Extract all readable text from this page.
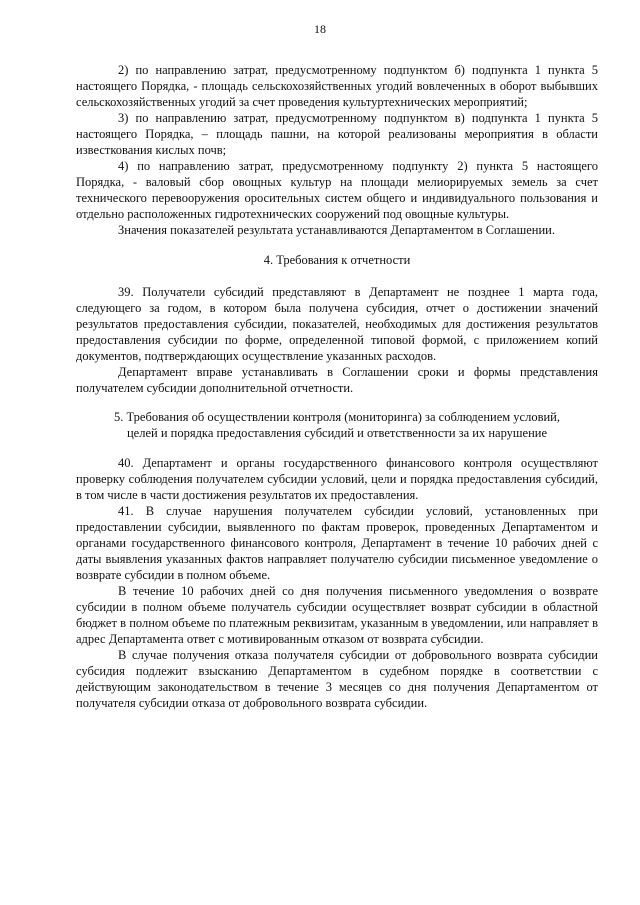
18

2) по направлению затрат, предусмотренному подпунктом б) подпункта 1 пункта 5 настоящего Порядка, - площадь сельскохозяйственных угодий вовлеченных в оборот выбывших сельскохозяйственных угодий за счет проведения культуртехнических мероприятий;

3) по направлению затрат, предусмотренному подпунктом в) подпункта 1 пункта 5 настоящего Порядка, – площадь пашни, на которой реализованы мероприятия в области известкования кислых почв;

4) по направлению затрат, предусмотренному подпункту 2) пункта 5 настоящего Порядка, - валовый сбор овощных культур на площади мелиорируемых земель за счет технического перевооружения оросительных систем общего и индивидуального пользования и отдельно расположенных гидротехнических сооружений под овощные культуры.

Значения показателей результата устанавливаются Департаментом в Соглашении.

4. Требования к отчетности

39. Получатели субсидий представляют в Департамент не позднее 1 марта года, следующего за годом, в котором была получена субсидия, отчет о достижении значений результатов предоставления субсидии, показателей, необходимых для достижения результатов предоставления субсидии по форме, определенной типовой формой, с приложением копий документов, подтверждающих осуществление указанных расходов.

Департамент вправе устанавливать в Соглашении сроки и формы представления получателем субсидии дополнительной отчетности.

5. Требования об осуществлении контроля (мониторинга) за соблюдением условий,

целей и порядка предоставления субсидий и ответственности за их нарушение

40. Департамент и органы государственного финансового контроля осуществляют проверку соблюдения получателем субсидии условий, цели и порядка предоставления субсидий, в том числе в части достижения результатов их предоставления.

41. В случае нарушения получателем субсидии условий, установленных при предоставлении субсидии, выявленного по фактам проверок, проведенных Департаментом и органами государственного финансового контроля, Департамент в течение 10 рабочих дней с даты выявления указанных фактов направляет получателю субсидии письменное уведомление о возврате субсидии в полном объеме.

В течение 10 рабочих дней со дня получения письменного уведомления о возврате субсидии в полном объеме получатель субсидии осуществляет возврат субсидии в областной бюджет в полном объеме по платежным реквизитам, указанным в уведомлении, или направляет в адрес Департамента ответ с мотивированным отказом от возврата субсидии.

В случае получения отказа получателя субсидии от добровольного возврата субсидии субсидия подлежит взысканию Департаментом в судебном порядке в соответствии с действующим законодательством в течение 3 месяцев со дня получения Департаментом от получателя субсидии отказа от добровольного возврата субсидии.
